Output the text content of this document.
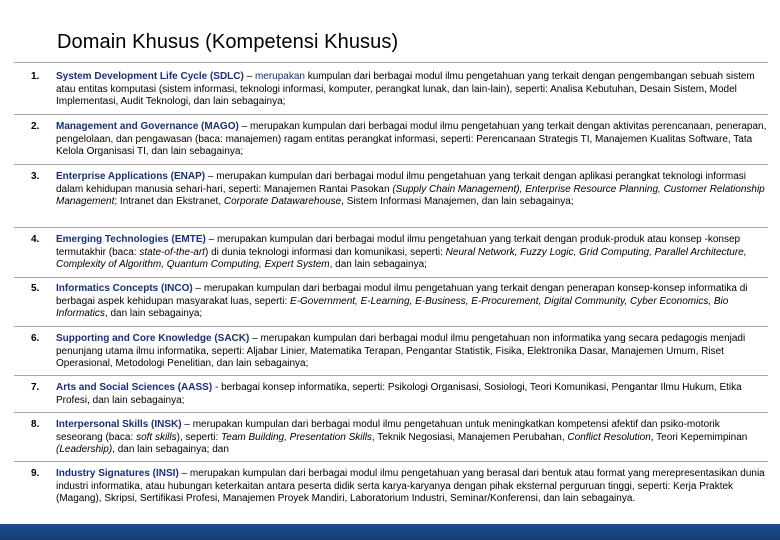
Domain Khusus (Kompetensi Khusus)
1. System Development Life Cycle (SDLC) – merupakan kumpulan dari berbagai modul ilmu pengetahuan yang terkait dengan pengembangan sebuah sistem atau entitas komputasi (sistem informasi, teknologi informasi, komputer, perangkat lunak, dan lain-lain), seperti: Analisa Kebutuhan, Desain Sistem, Model Implementasi, Audit Teknologi, dan lain sebagainya;
2. Management and Governance (MAGO) – merupakan kumpulan dari berbagai modul ilmu pengetahuan yang terkait dengan aktivitas perencanaan, penerapan, pengelolaan, dan pengawasan (baca: manajemen) ragam entitas perangkat informasi, seperti: Perencanaan Strategis TI, Manajemen Kualitas Software, Tata Kelola Organisasi TI, dan lain sebagainya;
3. Enterprise Applications (ENAP) – merupakan kumpulan dari berbagai modul ilmu pengetahuan yang terkait dengan aplikasi perangkat teknologi informasi dalam kehidupan manusia sehari-hari, seperti: Manajemen Rantai Pasokan (Supply Chain Management), Enterprise Resource Planning, Customer Relationship Management; Intranet dan Ekstranet, Corporate Datawarehouse, Sistem Informasi Manajemen, dan lain sebagainya;
4. Emerging Technologies (EMTE) – merupakan kumpulan dari berbagai modul ilmu pengetahuan yang terkait dengan produk-produk atau konsep -konsep termutakhir (baca: state-of-the-art) di dunia teknologi informasi dan komunikasi, seperti: Neural Network, Fuzzy Logic, Grid Computing, Parallel Architecture, Complexity of Algorithm, Quantum Computing, Expert System, dan lain sebagainya;
5. Informatics Concepts (INCO) – merupakan kumpulan dari berbagai modul ilmu pengetahuan yang terkait dengan penerapan konsep-konsep informatika di berbagai aspek kehidupan masyarakat luas, seperti: E-Government, E-Learning, E-Business, E-Procurement, Digital Community, Cyber Economics, Bio Informatics, dan lain sebagainya;
6. Supporting and Core Knowledge (SACK) – merupakan kumpulan dari berbagai modul ilmu pengetahuan non informatika yang secara pedagogis menjadi penunjang utama ilmu informatika, seperti: Aljabar Linier, Matematika Terapan, Pengantar Statistik, Fisika, Elektronika Dasar, Manajemen Umum, Riset Operasional, Metodologi Penelitian, dan lain sebagainya;
7. Arts and Social Sciences (AASS) - berbagai konsep informatika, seperti: Psikologi Organisasi, Sosiologi, Teori Komunikasi, Pengantar Ilmu Hukum, Etika Profesi, dan lain sebagainya;
8. Interpersonal Skills (INSK) – merupakan kumpulan dari berbagai modul ilmu pengetahuan untuk meningkatkan kompetensi afektif dan psiko-motorik seseorang (baca: soft skills), seperti: Team Building, Presentation Skills, Teknik Negosiasi, Manajemen Perubahan, Conflict Resolution, Teori Kepemimpinan (Leadership), dan lain sebagainya; dan
9. Industry Signatures (INSI) – merupakan kumpulan dari berbagai modul ilmu pengetahuan yang berasal dari bentuk atau format yang merepresentasikan dunia industri informatika, atau hubungan keterkaitan antara peserta didik serta karya-karyanya dengan pihak eksternal perguruan tinggi, seperti: Kerja Praktek (Magang), Skripsi, Sertifikasi Profesi, Manajemen Proyek Mandiri, Laboratorium Industri, Seminar/Konferensi, dan lain sebagainya.
